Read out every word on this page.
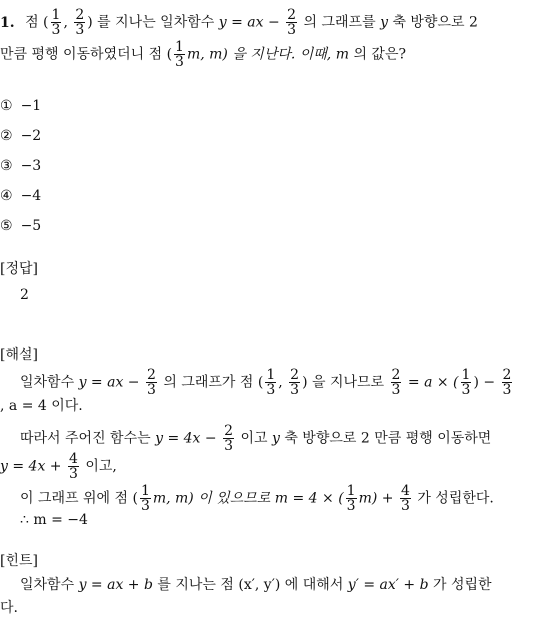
1. 점 ( $\frac{1}{3}$ , $\frac{2}{3}$ ) 를 지나는 일차함수 y = ax − $\frac{2}{3}$ 의 그래프를 y 축 방향으로 2
만큼 평행 이동하였더니 점 ( $\frac{1}{3} m$, m) 을 지난다. 이때, m 의 값은?
① −1
② −2
③ −3
④ −4
⑤ −5
[정답]
2
[해설]
일차함수 y = ax − $\frac{2}{3}$ 의 그래프가 점 ( $\frac{1}{3}$ , $\frac{2}{3}$ ) 을 지나므로 $\frac{2}{3} = a$ × ( $\frac{1}{3}$ ) − $\frac{2}{3}$
, a = 4 이다.
따라서 주어진 함수는 $y = 4x - \frac{2}{3}$ 이고 y 축 방향으로 2 만큼 평행 이동하면
$y = 4x + \frac{4}{3}$ 이고,
이 그래프 위에 점 ( $\frac{1}{3} m$, m) 이 있으므로 m = 4 × ( $\frac{1}{3} m) + \frac{4}{3}$ 가 성립한다.
∴ m = −4
[힌트]
일차함수 y = ax + b 를 지나는 점 (x′, y′) 에 대해서 y′ = ax′ + b 가 성립한
다.
